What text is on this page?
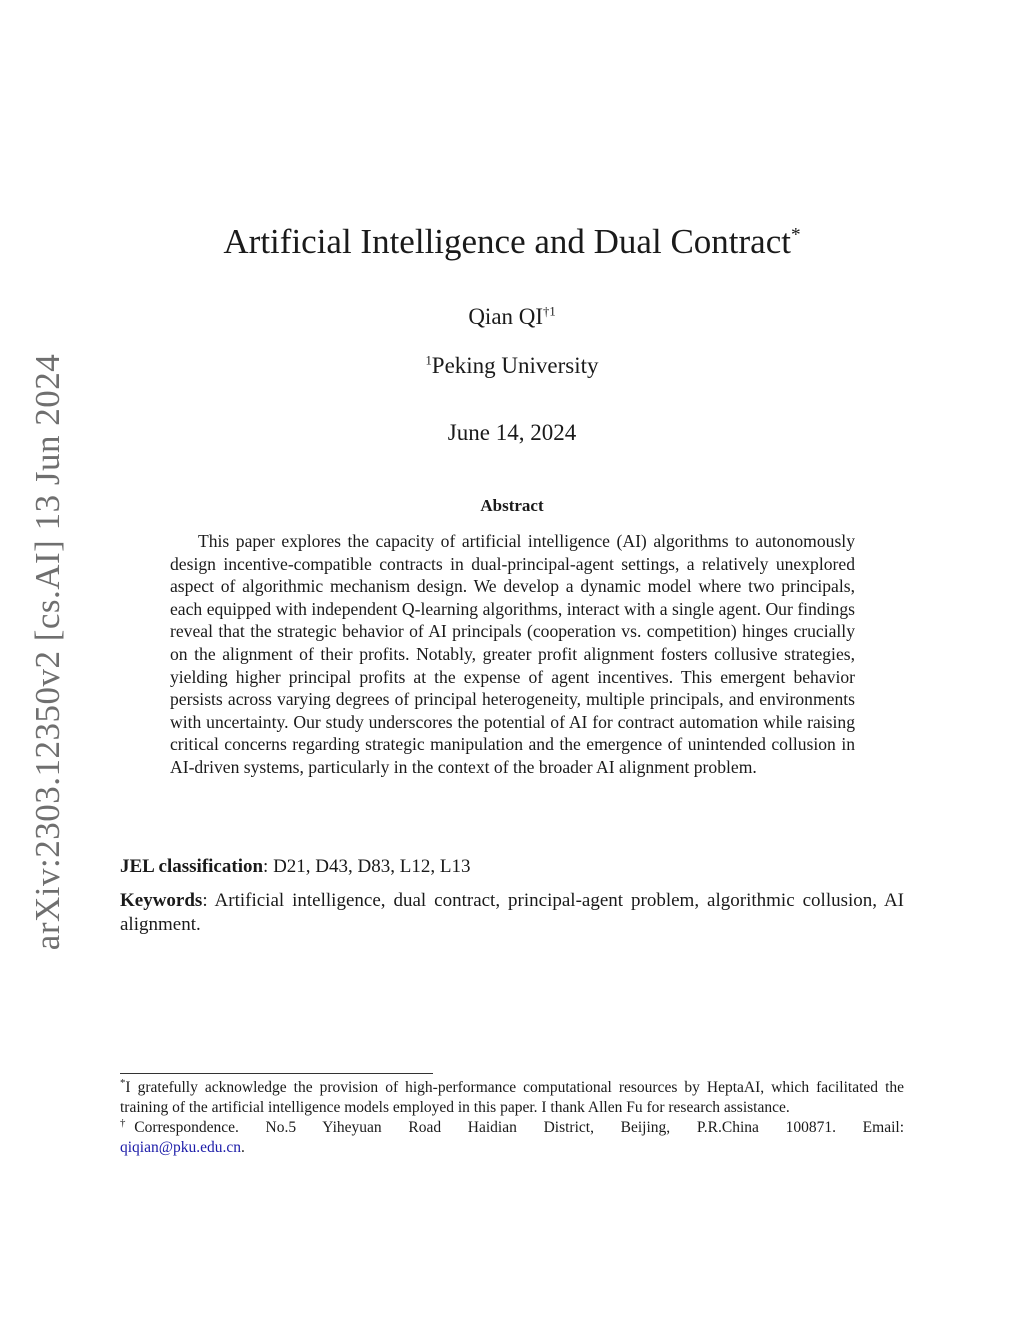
arXiv:2303.12350v2 [cs.AI] 13 Jun 2024
Artificial Intelligence and Dual Contract*
Qian QI$^{\dagger 1}$
$^1$Peking University
June 14, 2024
Abstract

This paper explores the capacity of artificial intelligence (AI) algorithms to autonomously design incentive-compatible contracts in dual-principal-agent settings, a relatively unexplored aspect of algorithmic mechanism design. We develop a dynamic model where two principals, each equipped with independent Q-learning algorithms, interact with a single agent. Our findings reveal that the strategic behavior of AI principals (cooperation vs. competition) hinges crucially on the alignment of their profits. Notably, greater profit alignment fosters collusive strategies, yielding higher principal profits at the expense of agent incentives. This emergent behavior persists across varying degrees of principal heterogeneity, multiple principals, and environments with uncertainty. Our study underscores the potential of AI for contract automation while raising critical concerns regarding strategic manipulation and the emergence of unintended collusion in AI-driven systems, particularly in the context of the broader AI alignment problem.

JEL classification: D21, D43, D83, L12, L13
Keywords: Artificial intelligence, dual contract, principal-agent problem, algorithmic collusion, AI alignment.

*I gratefully acknowledge the provision of high-performance computational resources by HeptaAI, which facilitated the training of the artificial intelligence models employed in this paper. I thank Allen Fu for research assistance.

†Correspondence. No.5 Yiheyuan Road Haidian District, Beijing, P.R.China 100871. Email: qiqian@pku.edu.cn.
